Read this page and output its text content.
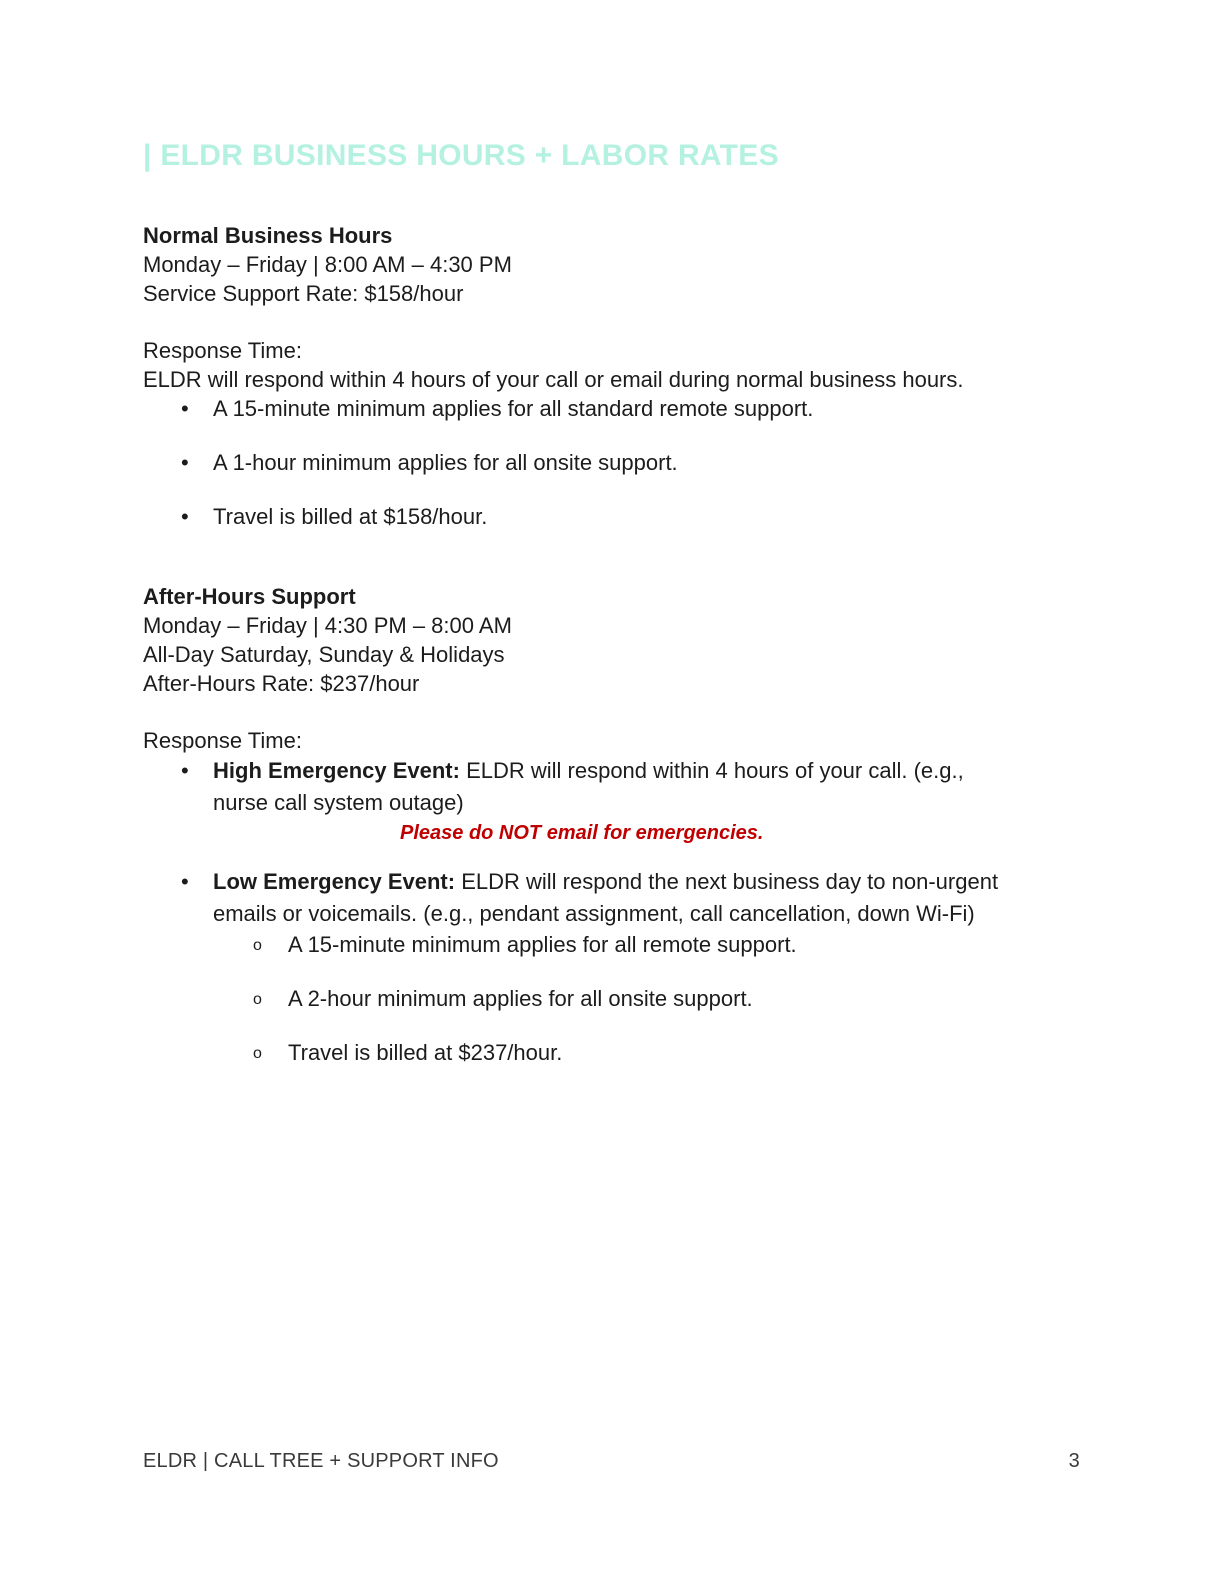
| ELDR BUSINESS HOURS + LABOR RATES
Normal Business Hours
Monday – Friday | 8:00 AM – 4:30 PM
Service Support Rate: $158/hour
Response Time:
ELDR will respond within 4 hours of your call or email during normal business hours.
• A 15-minute minimum applies for all standard remote support.
• A 1-hour minimum applies for all onsite support.
• Travel is billed at $158/hour.
After-Hours Support
Monday – Friday | 4:30 PM – 8:00 AM
All-Day Saturday, Sunday & Holidays
After-Hours Rate: $237/hour
Response Time:
• High Emergency Event: ELDR will respond within 4 hours of your call. (e.g.,
nurse call system outage)
Please do NOT email for emergencies.
• Low Emergency Event: ELDR will respond the next business day to non-urgent
emails or voicemails. (e.g., pendant assignment, call cancellation, down Wi-Fi)
o A 15-minute minimum applies for all remote support.
o A 2-hour minimum applies for all onsite support.
o Travel is billed at $237/hour.
ELDR | CALL TREE + SUPPORT INFO	3
